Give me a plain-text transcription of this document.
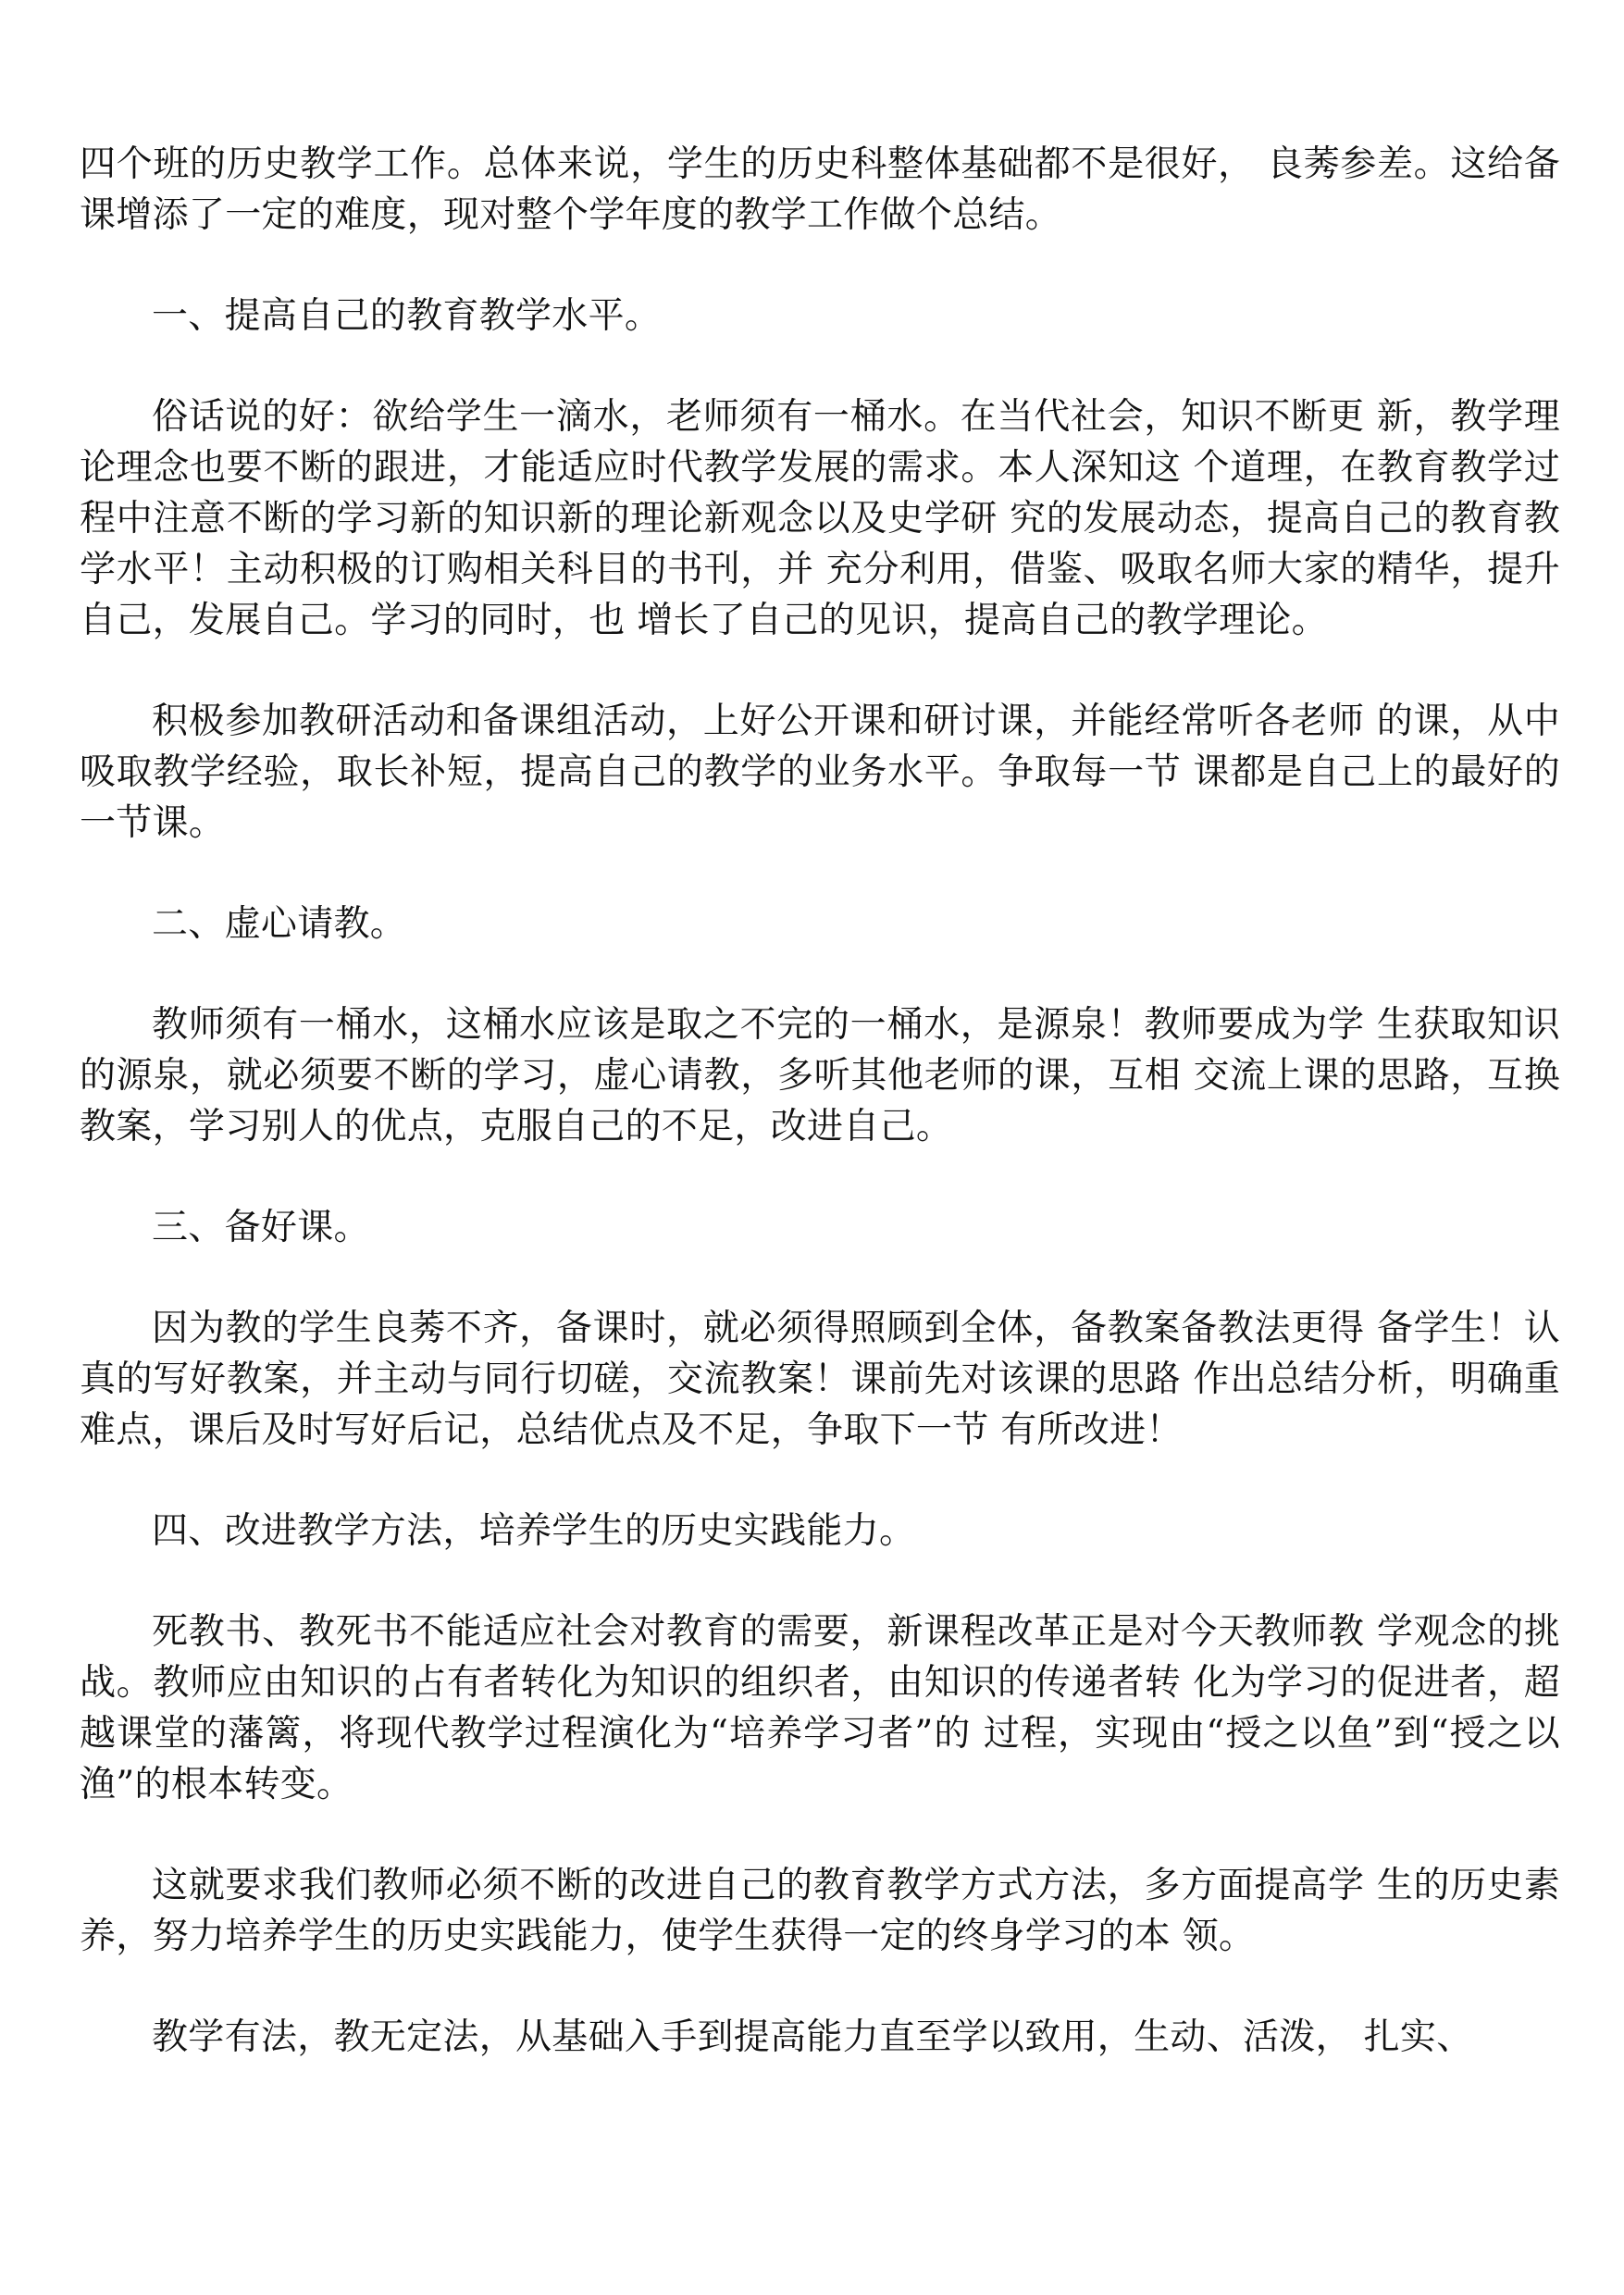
四个班的历史教学工作。总体来说，学生的历史科整体基础都不是很好， 良莠参差。这给备课增添了一定的难度，现对整个学年度的教学工作做个总结。

一、提高自己的教育教学水平。

俗话说的好：欲给学生一滴水，老师须有一桶水。在当代社会，知识不断更 新，教学理论理念也要不断的跟进，才能适应时代教学发展的需求。本人深知这 个道理，在教育教学过程中注意不断的学习新的知识新的理论新观念以及史学研 究的发展动态，提高自己的教育教学水平！主动积极的订购相关科目的书刊，并 充分利用，借鉴、吸取名师大家的精华，提升自己，发展自己。学习的同时，也 增长了自己的见识，提高自己的教学理论。

积极参加教研活动和备课组活动，上好公开课和研讨课，并能经常听各老师 的课，从中吸取教学经验，取长补短，提高自己的教学的业务水平。争取每一节 课都是自己上的最好的一节课。

二、虚心请教。

教师须有一桶水，这桶水应该是取之不完的一桶水，是源泉！教师要成为学 生获取知识的源泉，就必须要不断的学习，虚心请教，多听其他老师的课，互相 交流上课的思路，互换教案，学习别人的优点，克服自己的不足，改进自己。

三、备好课。

因为教的学生良莠不齐，备课时，就必须得照顾到全体，备教案备教法更得 备学生！认真的写好教案，并主动与同行切磋，交流教案！课前先对该课的思路 作出总结分析，明确重难点，课后及时写好后记，总结优点及不足，争取下一节 有所改进！

四、改进教学方法，培养学生的历史实践能力。

死教书、教死书不能适应社会对教育的需要，新课程改革正是对今天教师教 学观念的挑战。教师应由知识的占有者转化为知识的组织者，由知识的传递者转 化为学习的促进者，超越课堂的藩篱，将现代教学过程演化为“培养学习者”的 过程，实现由“授之以鱼”到“授之以渔”的根本转变。

这就要求我们教师必须不断的改进自己的教育教学方式方法，多方面提高学 生的历史素养，努力培养学生的历史实践能力，使学生获得一定的终身学习的本 领。

教学有法，教无定法，从基础入手到提高能力直至学以致用，生动、活泼， 扎实、
